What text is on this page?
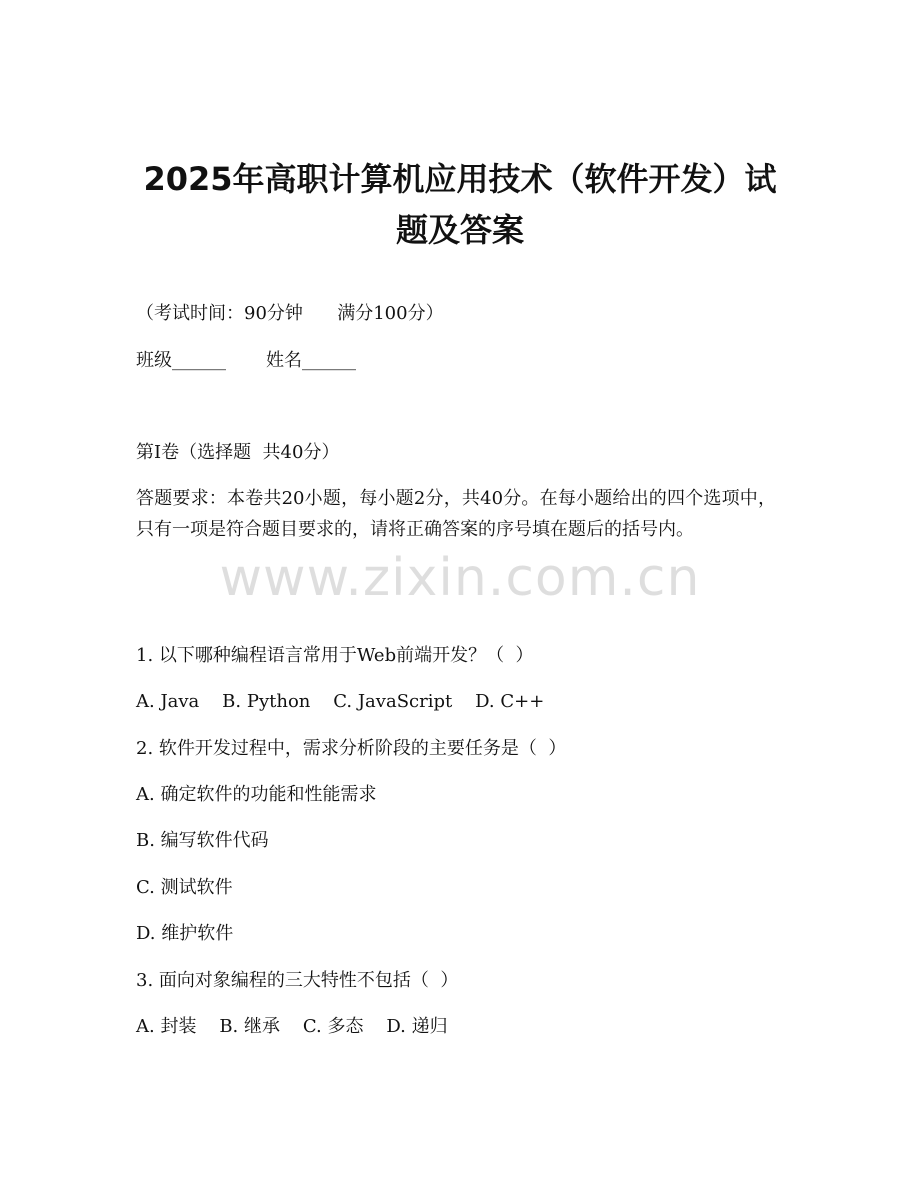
2025年高职计算机应用技术（软件开发）试
题及答案

（考试时间：90分钟      满分100分）

班级______       姓名______

第I卷（选择题  共40分）

答题要求：本卷共20小题，每小题2分，共40分。在每小题给出的四个选项中，只有一项是符合题目要求的，请将正确答案的序号填在题后的括号内。

www.zixin.com.cn

1. 以下哪种编程语言常用于Web前端开发？（  ）

A. Java    B. Python    C. JavaScript    D. C++

2. 软件开发过程中，需求分析阶段的主要任务是（  ）

A. 确定软件的功能和性能需求

B. 编写软件代码

C. 测试软件

D. 维护软件

3. 面向对象编程的三大特性不包括（  ）

A. 封装    B. 继承    C. 多态    D. 递归
